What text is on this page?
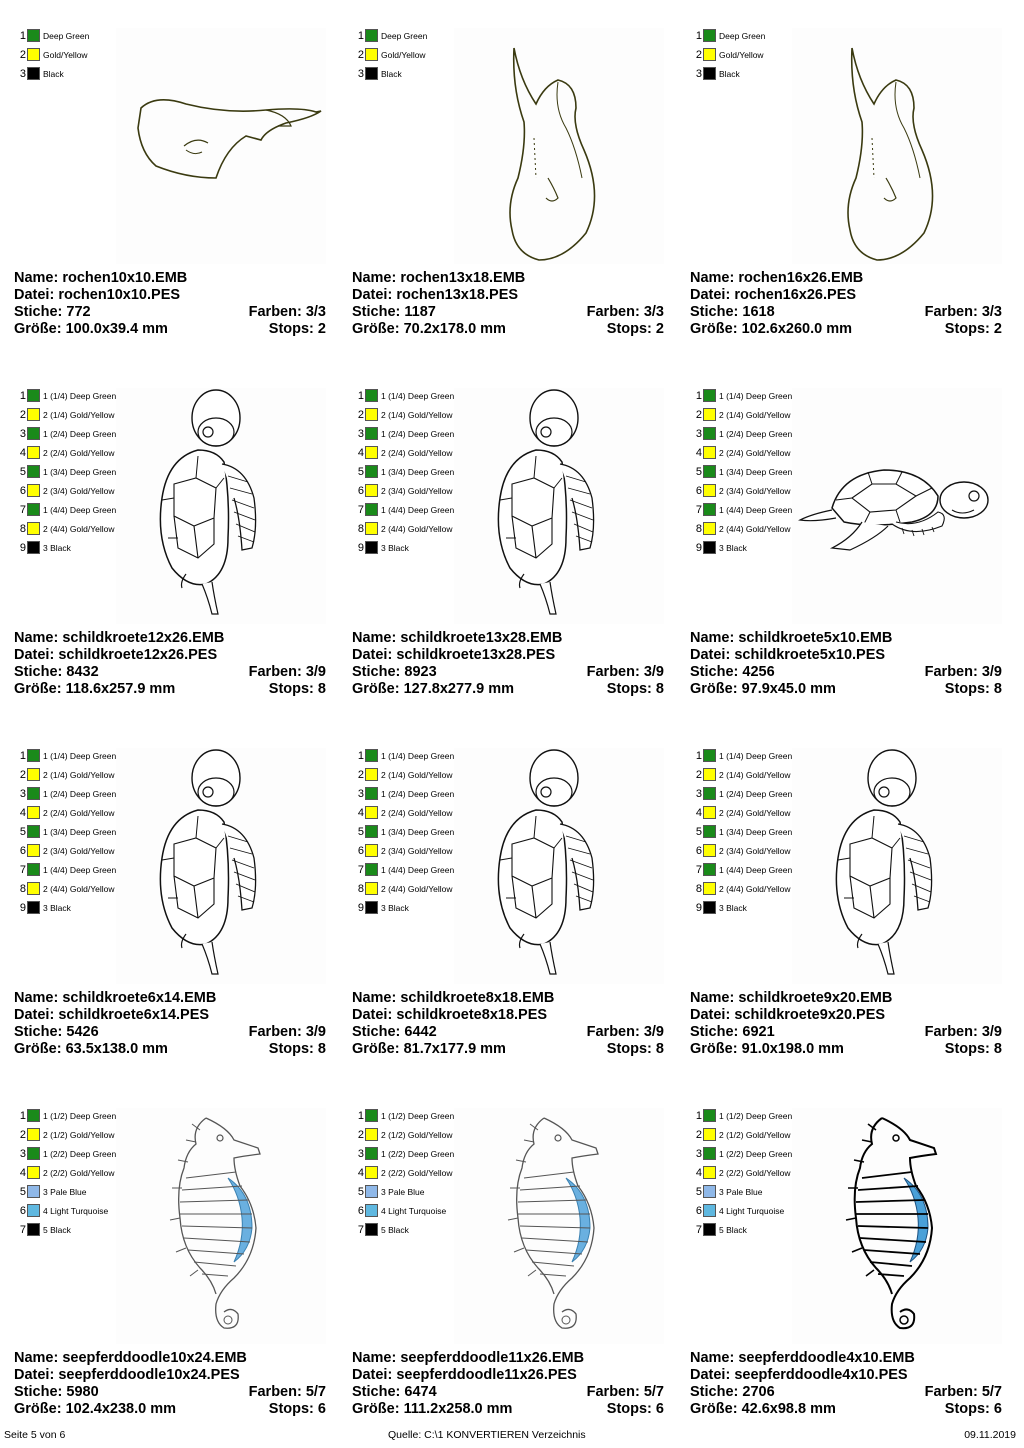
1 Deep Green
2 Gold/Yellow
3 Black
Name: rochen10x10.EMB
Datei: rochen10x10.PES
Stiche: 772	Farben: 3/3
Größe: 100.0x39.4 mm	Stops: 2
1 Deep Green
2 Gold/Yellow
3 Black
Name: rochen13x18.EMB
Datei: rochen13x18.PES
Stiche: 1187	Farben: 3/3
Größe: 70.2x178.0 mm	Stops: 2
1 Deep Green
2 Gold/Yellow
3 Black
Name: rochen16x26.EMB
Datei: rochen16x26.PES
Stiche: 1618	Farben: 3/3
Größe: 102.6x260.0 mm	Stops: 2
1 1 (1/4) Deep Green
2 2 (1/4) Gold/Yellow
3 1 (2/4) Deep Green
4 2 (2/4) Gold/Yellow
5 1 (3/4) Deep Green
6 2 (3/4) Gold/Yellow
7 1 (4/4) Deep Green
8 2 (4/4) Gold/Yellow
9 3 Black
Name: schildkroete12x26.EMB
Datei: schildkroete12x26.PES
Stiche: 8432	Farben: 3/9
Größe: 118.6x257.9 mm	Stops: 8
1 1 (1/4) Deep Green
2 2 (1/4) Gold/Yellow
3 1 (2/4) Deep Green
4 2 (2/4) Gold/Yellow
5 1 (3/4) Deep Green
6 2 (3/4) Gold/Yellow
7 1 (4/4) Deep Green
8 2 (4/4) Gold/Yellow
9 3 Black
Name: schildkroete13x28.EMB
Datei: schildkroete13x28.PES
Stiche: 8923	Farben: 3/9
Größe: 127.8x277.9 mm	Stops: 8
1 1 (1/4) Deep Green
2 2 (1/4) Gold/Yellow
3 1 (2/4) Deep Green
4 2 (2/4) Gold/Yellow
5 1 (3/4) Deep Green
6 2 (3/4) Gold/Yellow
7 1 (4/4) Deep Green
8 2 (4/4) Gold/Yellow
9 3 Black
Name: schildkroete5x10.EMB
Datei: schildkroete5x10.PES
Stiche: 4256	Farben: 3/9
Größe: 97.9x45.0 mm	Stops: 8
1 1 (1/4) Deep Green
2 2 (1/4) Gold/Yellow
3 1 (2/4) Deep Green
4 2 (2/4) Gold/Yellow
5 1 (3/4) Deep Green
6 2 (3/4) Gold/Yellow
7 1 (4/4) Deep Green
8 2 (4/4) Gold/Yellow
9 3 Black
Name: schildkroete6x14.EMB
Datei: schildkroete6x14.PES
Stiche: 5426	Farben: 3/9
Größe: 63.5x138.0 mm	Stops: 8
1 1 (1/4) Deep Green
2 2 (1/4) Gold/Yellow
3 1 (2/4) Deep Green
4 2 (2/4) Gold/Yellow
5 1 (3/4) Deep Green
6 2 (3/4) Gold/Yellow
7 1 (4/4) Deep Green
8 2 (4/4) Gold/Yellow
9 3 Black
Name: schildkroete8x18.EMB
Datei: schildkroete8x18.PES
Stiche: 6442	Farben: 3/9
Größe: 81.7x177.9 mm	Stops: 8
1 1 (1/4) Deep Green
2 2 (1/4) Gold/Yellow
3 1 (2/4) Deep Green
4 2 (2/4) Gold/Yellow
5 1 (3/4) Deep Green
6 2 (3/4) Gold/Yellow
7 1 (4/4) Deep Green
8 2 (4/4) Gold/Yellow
9 3 Black
Name: schildkroete9x20.EMB
Datei: schildkroete9x20.PES
Stiche: 6921	Farben: 3/9
Größe: 91.0x198.0 mm	Stops: 8
1 1 (1/2) Deep Green
2 2 (1/2) Gold/Yellow
3 1 (2/2) Deep Green
4 2 (2/2) Gold/Yellow
5 3 Pale Blue
6 4 Light Turquoise
7 5 Black
Name: seepferddoodle10x24.EMB
Datei: seepferddoodle10x24.PES
Stiche: 5980	Farben: 5/7
Größe: 102.4x238.0 mm	Stops: 6
1 1 (1/2) Deep Green
2 2 (1/2) Gold/Yellow
3 1 (2/2) Deep Green
4 2 (2/2) Gold/Yellow
5 3 Pale Blue
6 4 Light Turquoise
7 5 Black
Name: seepferddoodle11x26.EMB
Datei: seepferddoodle11x26.PES
Stiche: 6474	Farben: 5/7
Größe: 111.2x258.0 mm	Stops: 6
1 1 (1/2) Deep Green
2 2 (1/2) Gold/Yellow
3 1 (2/2) Deep Green
4 2 (2/2) Gold/Yellow
5 3 Pale Blue
6 4 Light Turquoise
7 5 Black
Name: seepferddoodle4x10.EMB
Datei: seepferddoodle4x10.PES
Stiche: 2706	Farben: 5/7
Größe: 42.6x98.8 mm	Stops: 6
Seite 5 von 6	Quelle: C:\1 KONVERTIEREN Verzeichnis	09.11.2019
